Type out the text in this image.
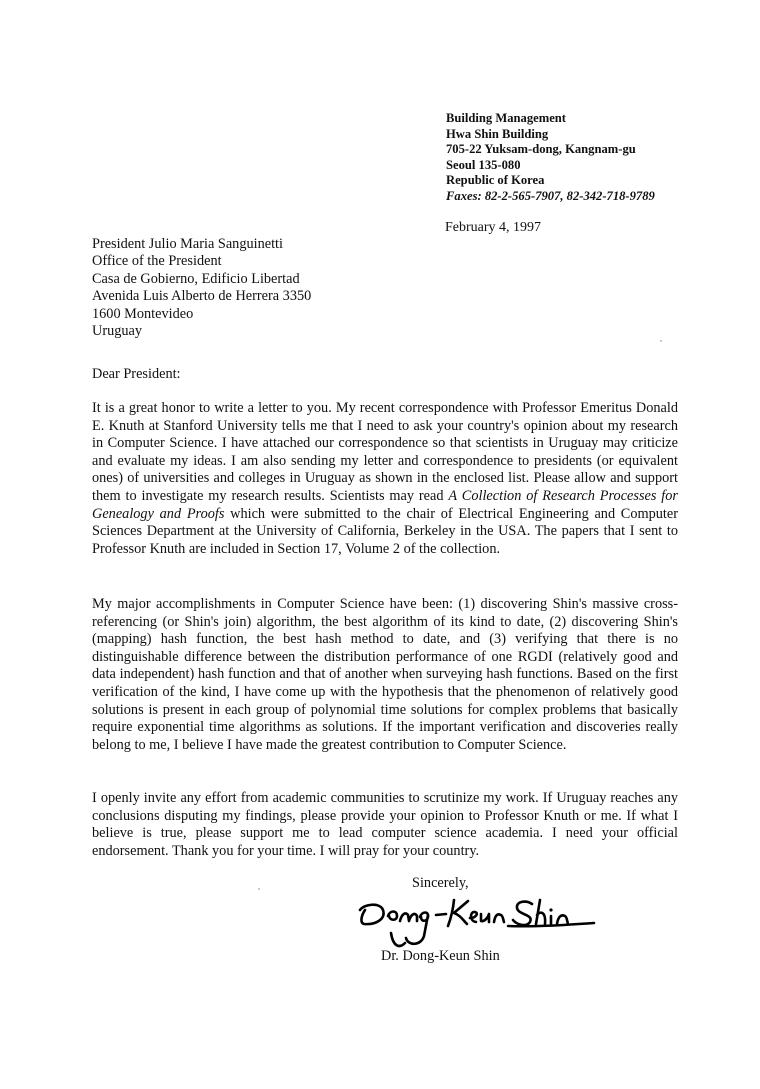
Building Management
Hwa Shin Building
705-22 Yuksam-dong, Kangnam-gu
Seoul 135-080
Republic of Korea
Faxes: 82-2-565-7907, 82-342-718-9789
February 4, 1997
President Julio Maria Sanguinetti
Office of the President
Casa de Gobierno, Edificio Libertad
Avenida Luis Alberto de Herrera 3350
1600 Montevideo
Uruguay
Dear President:

It is a great honor to write a letter to you. My recent correspondence with Professor Emeritus Donald E. Knuth at Stanford University tells me that I need to ask your country's opinion about my research in Computer Science. I have attached our correspondence so that scientists in Uruguay may criticize and evaluate my ideas. I am also sending my letter and correspondence to presidents (or equivalent ones) of universities and colleges in Uruguay as shown in the enclosed list. Please allow and support them to investigate my research results. Scientists may read A Collection of Research Processes for Genealogy and Proofs which were submitted to the chair of Electrical Engineering and Computer Sciences Department at the University of California, Berkeley in the USA. The papers that I sent to Professor Knuth are included in Section 17, Volume 2 of the collection.

My major accomplishments in Computer Science have been: (1) discovering Shin's massive cross-referencing (or Shin's join) algorithm, the best algorithm of its kind to date, (2) discovering Shin's (mapping) hash function, the best hash method to date, and (3) verifying that there is no distinguishable difference between the distribution performance of one RGDI (relatively good and data independent) hash function and that of another when surveying hash functions. Based on the first verification of the kind, I have come up with the hypothesis that the phenomenon of relatively good solutions is present in each group of polynomial time solutions for complex problems that basically require exponential time algorithms as solutions. If the important verification and discoveries really belong to me, I believe I have made the greatest contribution to Computer Science.

I openly invite any effort from academic communities to scrutinize my work. If Uruguay reaches any conclusions disputing my findings, please provide your opinion to Professor Knuth or me. If what I believe is true, please support me to lead computer science academia. I need your official endorsement. Thank you for your time. I will pray for your country.

Sincerely,
Dr. Dong-Keun Shin
